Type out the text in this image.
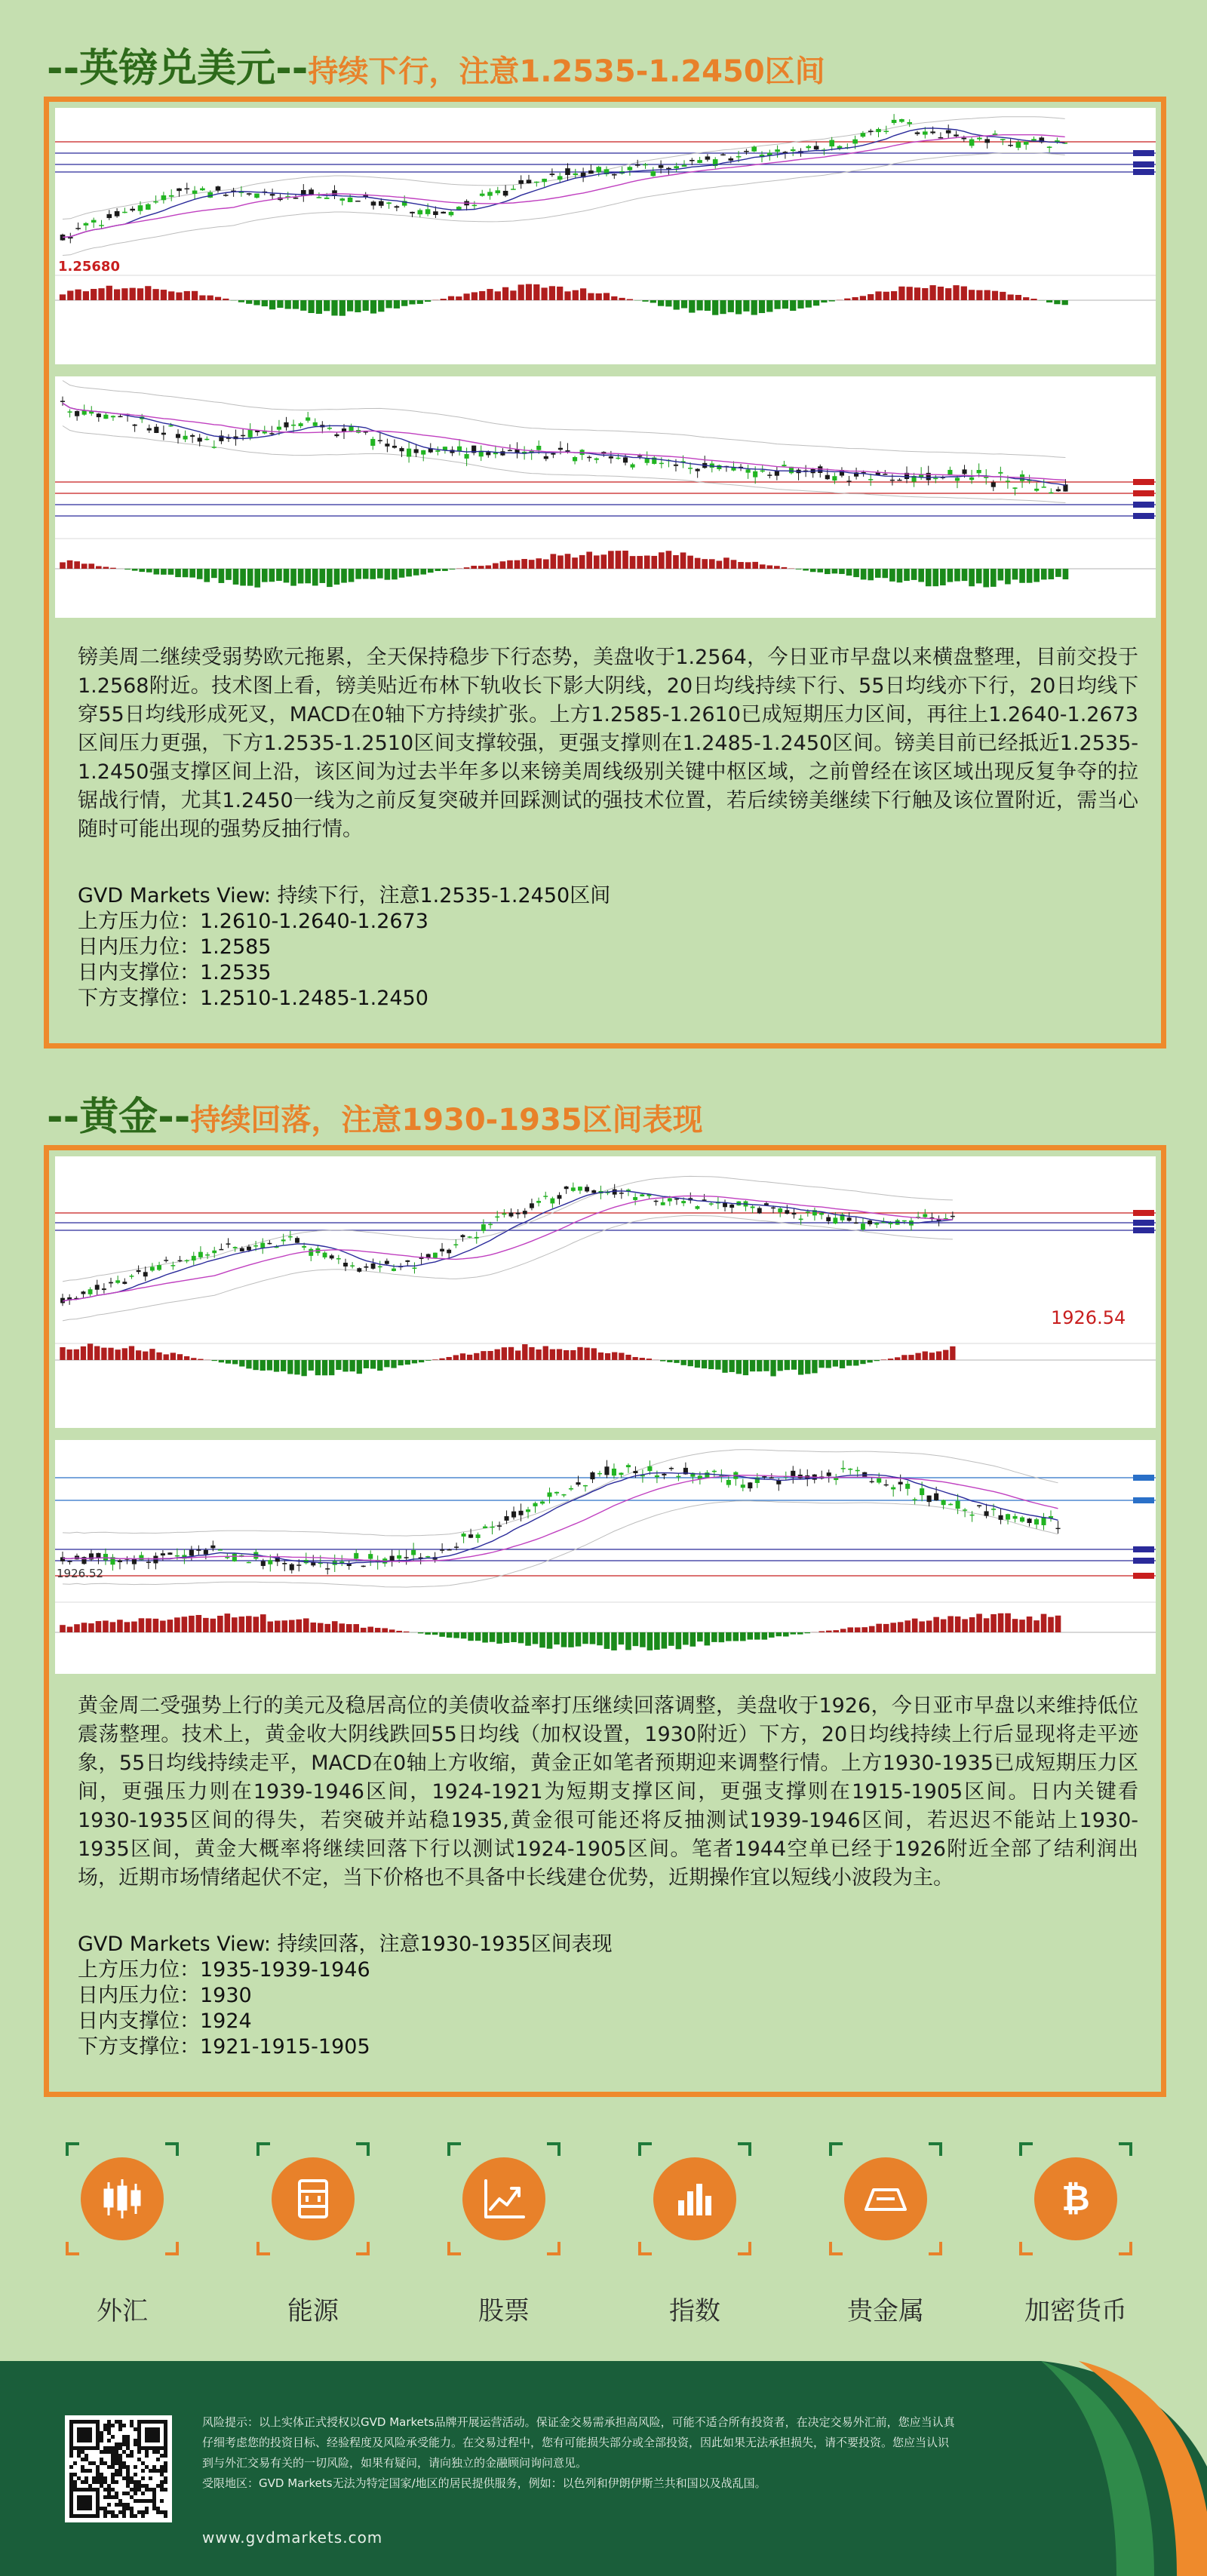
--英镑兑美元--持续下行，注意1.2535-1.2450区间
1.25680
镑美周二继续受弱势欧元拖累，全天保持稳步下行态势，美盘收于1.2564，今日亚市早盘以来横盘整理，目前交投于1.2568附近。技术图上看，镑美贴近布林下轨收长下影大阴线，20日均线持续下行、55日均线亦下行，20日均线下穿55日均线形成死叉，MACD在0轴下方持续扩张。上方1.2585-1.2610已成短期压力区间，再往上1.2640-1.2673区间压力更强，下方1.2535-1.2510区间支撑较强，更强支撑则在1.2485-1.2450区间。镑美目前已经抵近1.2535-1.2450强支撑区间上沿，该区间为过去半年多以来镑美周线级别关键中枢区域，之前曾经在该区域出现反复争夺的拉锯战行情，尤其1.2450一线为之前反复突破并回踩测试的强技术位置，若后续镑美继续下行触及该位置附近，需当心随时可能出现的强势反抽行情。
GVD Markets View: 持续下行，注意1.2535-1.2450区间
上方压力位：1.2610-1.2640-1.2673
日内压力位：1.2585
日内支撑位：1.2535
下方支撑位：1.2510-1.2485-1.2450
--黄金--持续回落，注意1930-1935区间表现
1926.54
1926.52
黄金周二受强势上行的美元及稳居高位的美债收益率打压继续回落调整，美盘收于1926，今日亚市早盘以来维持低位震荡整理。技术上，黄金收大阴线跌回55日均线（加权设置，1930附近）下方，20日均线持续上行后显现将走平迹象，55日均线持续走平，MACD在0轴上方收缩，黄金正如笔者预期迎来调整行情。上方1930-1935已成短期压力区间，更强压力则在1939-1946区间，1924-1921为短期支撑区间，更强支撑则在1915-1905区间。日内关键看1930-1935区间的得失，若突破并站稳1935,黄金很可能还将反抽测试1939-1946区间，若迟迟不能站上1930-1935区间，黄金大概率将继续回落下行以测试1924-1905区间。笔者1944空单已经于1926附近全部了结利润出场，近期市场情绪起伏不定，当下价格也不具备中长线建仓优势，近期操作宜以短线小波段为主。
GVD Markets View: 持续回落，注意1930-1935区间表现
上方压力位：1935-1939-1946
日内压力位：1930
日内支撑位：1924
下方支撑位：1921-1915-1905
外汇	能源	股票	指数	贵金属
₿
加密货币
风险提示：以上实体正式授权以GVD Markets品牌开展运营活动。保证金交易需承担高风险，可能不适合所有投资者，在决定交易外汇前，您应当认真
仔细考虑您的投资目标、经验程度及风险承受能力。在交易过程中，您有可能损失部分或全部投资，因此如果无法承担损失，请不要投资。您应当认识
到与外汇交易有关的一切风险，如果有疑问，请向独立的金融顾问询问意见。
受限地区：GVD Markets无法为特定国家/地区的居民提供服务，例如：以色列和伊朗伊斯兰共和国以及战乱国。
www.gvdmarkets.com
